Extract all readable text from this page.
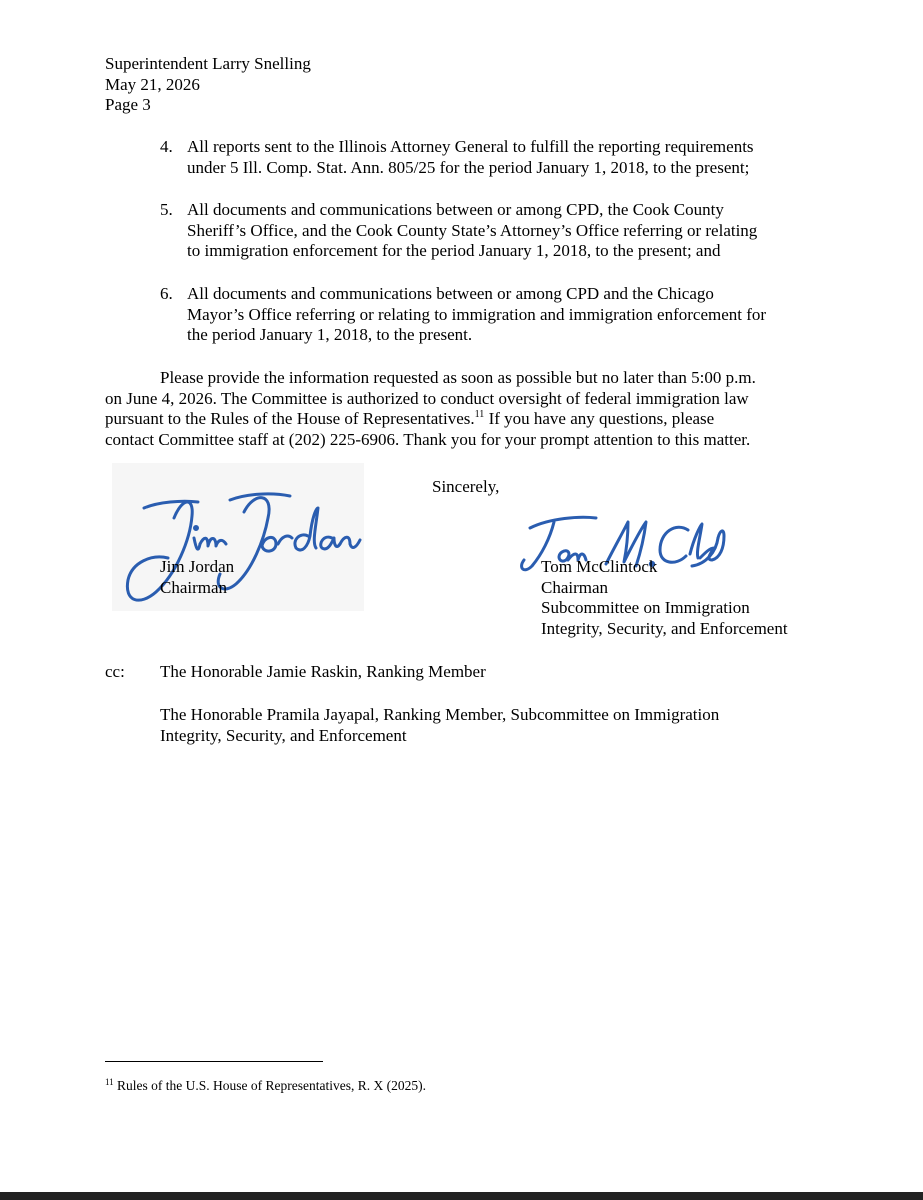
Superintendent Larry Snelling
May 21, 2026
Page 3
4. All reports sent to the Illinois Attorney General to fulfill the reporting requirements
under 5 Ill. Comp. Stat. Ann. 805/25 for the period January 1, 2018, to the present;
5. All documents and communications between or among CPD, the Cook County
Sheriff’s Office, and the Cook County State’s Attorney’s Office referring or relating
to immigration enforcement for the period January 1, 2018, to the present; and
6. All documents and communications between or among CPD and the Chicago
Mayor’s Office referring or relating to immigration and immigration enforcement for
the period January 1, 2018, to the present.
Please provide the information requested as soon as possible but no later than 5:00 p.m.
on June 4, 2026. The Committee is authorized to conduct oversight of federal immigration law
pursuant to the Rules of the House of Representatives.$^{11}$ If you have any questions, please
contact Committee staff at (202) 225-6906. Thank you for your prompt attention to this matter.
Sincerely,
Jim Jordan
Chairman
Tom McClintock
Chairman
Subcommittee on Immigration
Integrity, Security, and Enforcement
cc: The Honorable Jamie Raskin, Ranking Member
The Honorable Pramila Jayapal, Ranking Member, Subcommittee on Immigration
Integrity, Security, and Enforcement
$^{11}$ Rules of the U.S. House of Representatives, R. X (2025).
